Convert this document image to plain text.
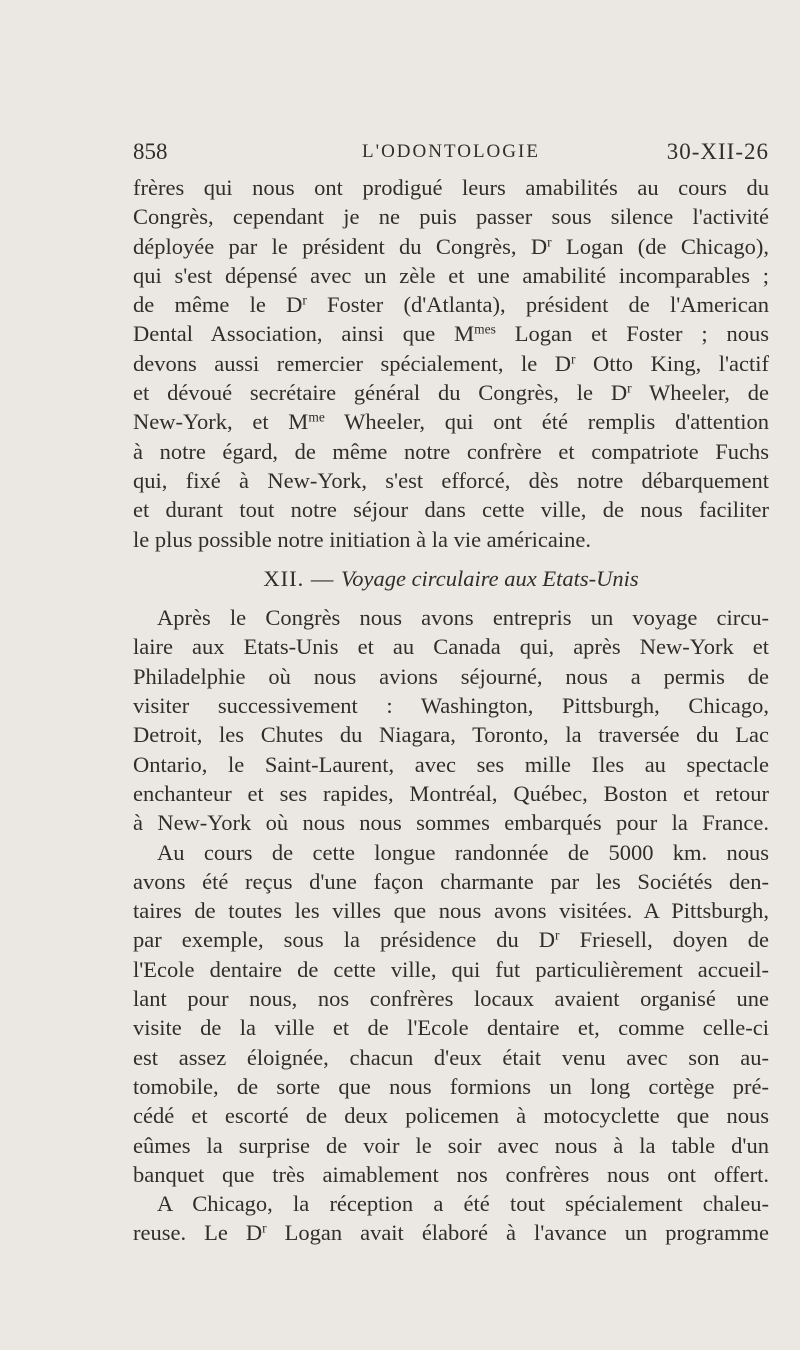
858	L'ODONTOLOGIE	30-XII-26
frères qui nous ont prodigué leurs amabilités au cours du
Congrès, cependant je ne puis passer sous silence l'activité
déployée par le président du Congrès, $D^r$ Logan (de Chicago),
qui s'est dépensé avec un zèle et une amabilité incomparables ;
de même le $D^r$ Foster (d'Atlanta), président de l'American
Dental Association, ainsi que $M^{mes}$ Logan et Foster ; nous
devons aussi remercier spécialement, le $D^r$ Otto King, l'actif
et dévoué secrétaire général du Congrès, le $D^r$ Wheeler, de
New-York, et $M^{me}$ Wheeler, qui ont été remplis d'attention
à notre égard, de même notre confrère et compatriote Fuchs
qui, fixé à New-York, s'est efforcé, dès notre débarquement
et durant tout notre séjour dans cette ville, de nous faciliter
le plus possible notre initiation à la vie américaine.
XII. — Voyage circulaire aux Etats-Unis
Après le Congrès nous avons entrepris un voyage circu-
laire aux Etats-Unis et au Canada qui, après New-York et
Philadelphie où nous avions séjourné, nous a permis de
visiter successivement : Washington, Pittsburgh, Chicago,
Detroit, les Chutes du Niagara, Toronto, la traversée du Lac
Ontario, le Saint-Laurent, avec ses mille Iles au spectacle
enchanteur et ses rapides, Montréal, Québec, Boston et retour
à New-York où nous nous sommes embarqués pour la France.
Au cours de cette longue randonnée de 5000 km. nous
avons été reçus d'une façon charmante par les Sociétés den-
taires de toutes les villes que nous avons visitées. A Pittsburgh,
par exemple, sous la présidence du $D^r$ Friesell, doyen de
l'Ecole dentaire de cette ville, qui fut particulièrement accueil-
lant pour nous, nos confrères locaux avaient organisé une
visite de la ville et de l'Ecole dentaire et, comme celle-ci
est assez éloignée, chacun d'eux était venu avec son au-
tomobile, de sorte que nous formions un long cortège pré-
cédé et escorté de deux policemen à motocyclette que nous
eûmes la surprise de voir le soir avec nous à la table d'un
banquet que très aimablement nos confrères nous ont offert.
A Chicago, la réception a été tout spécialement chaleu-
reuse. Le $D^r$ Logan avait élaboré à l'avance un programme
